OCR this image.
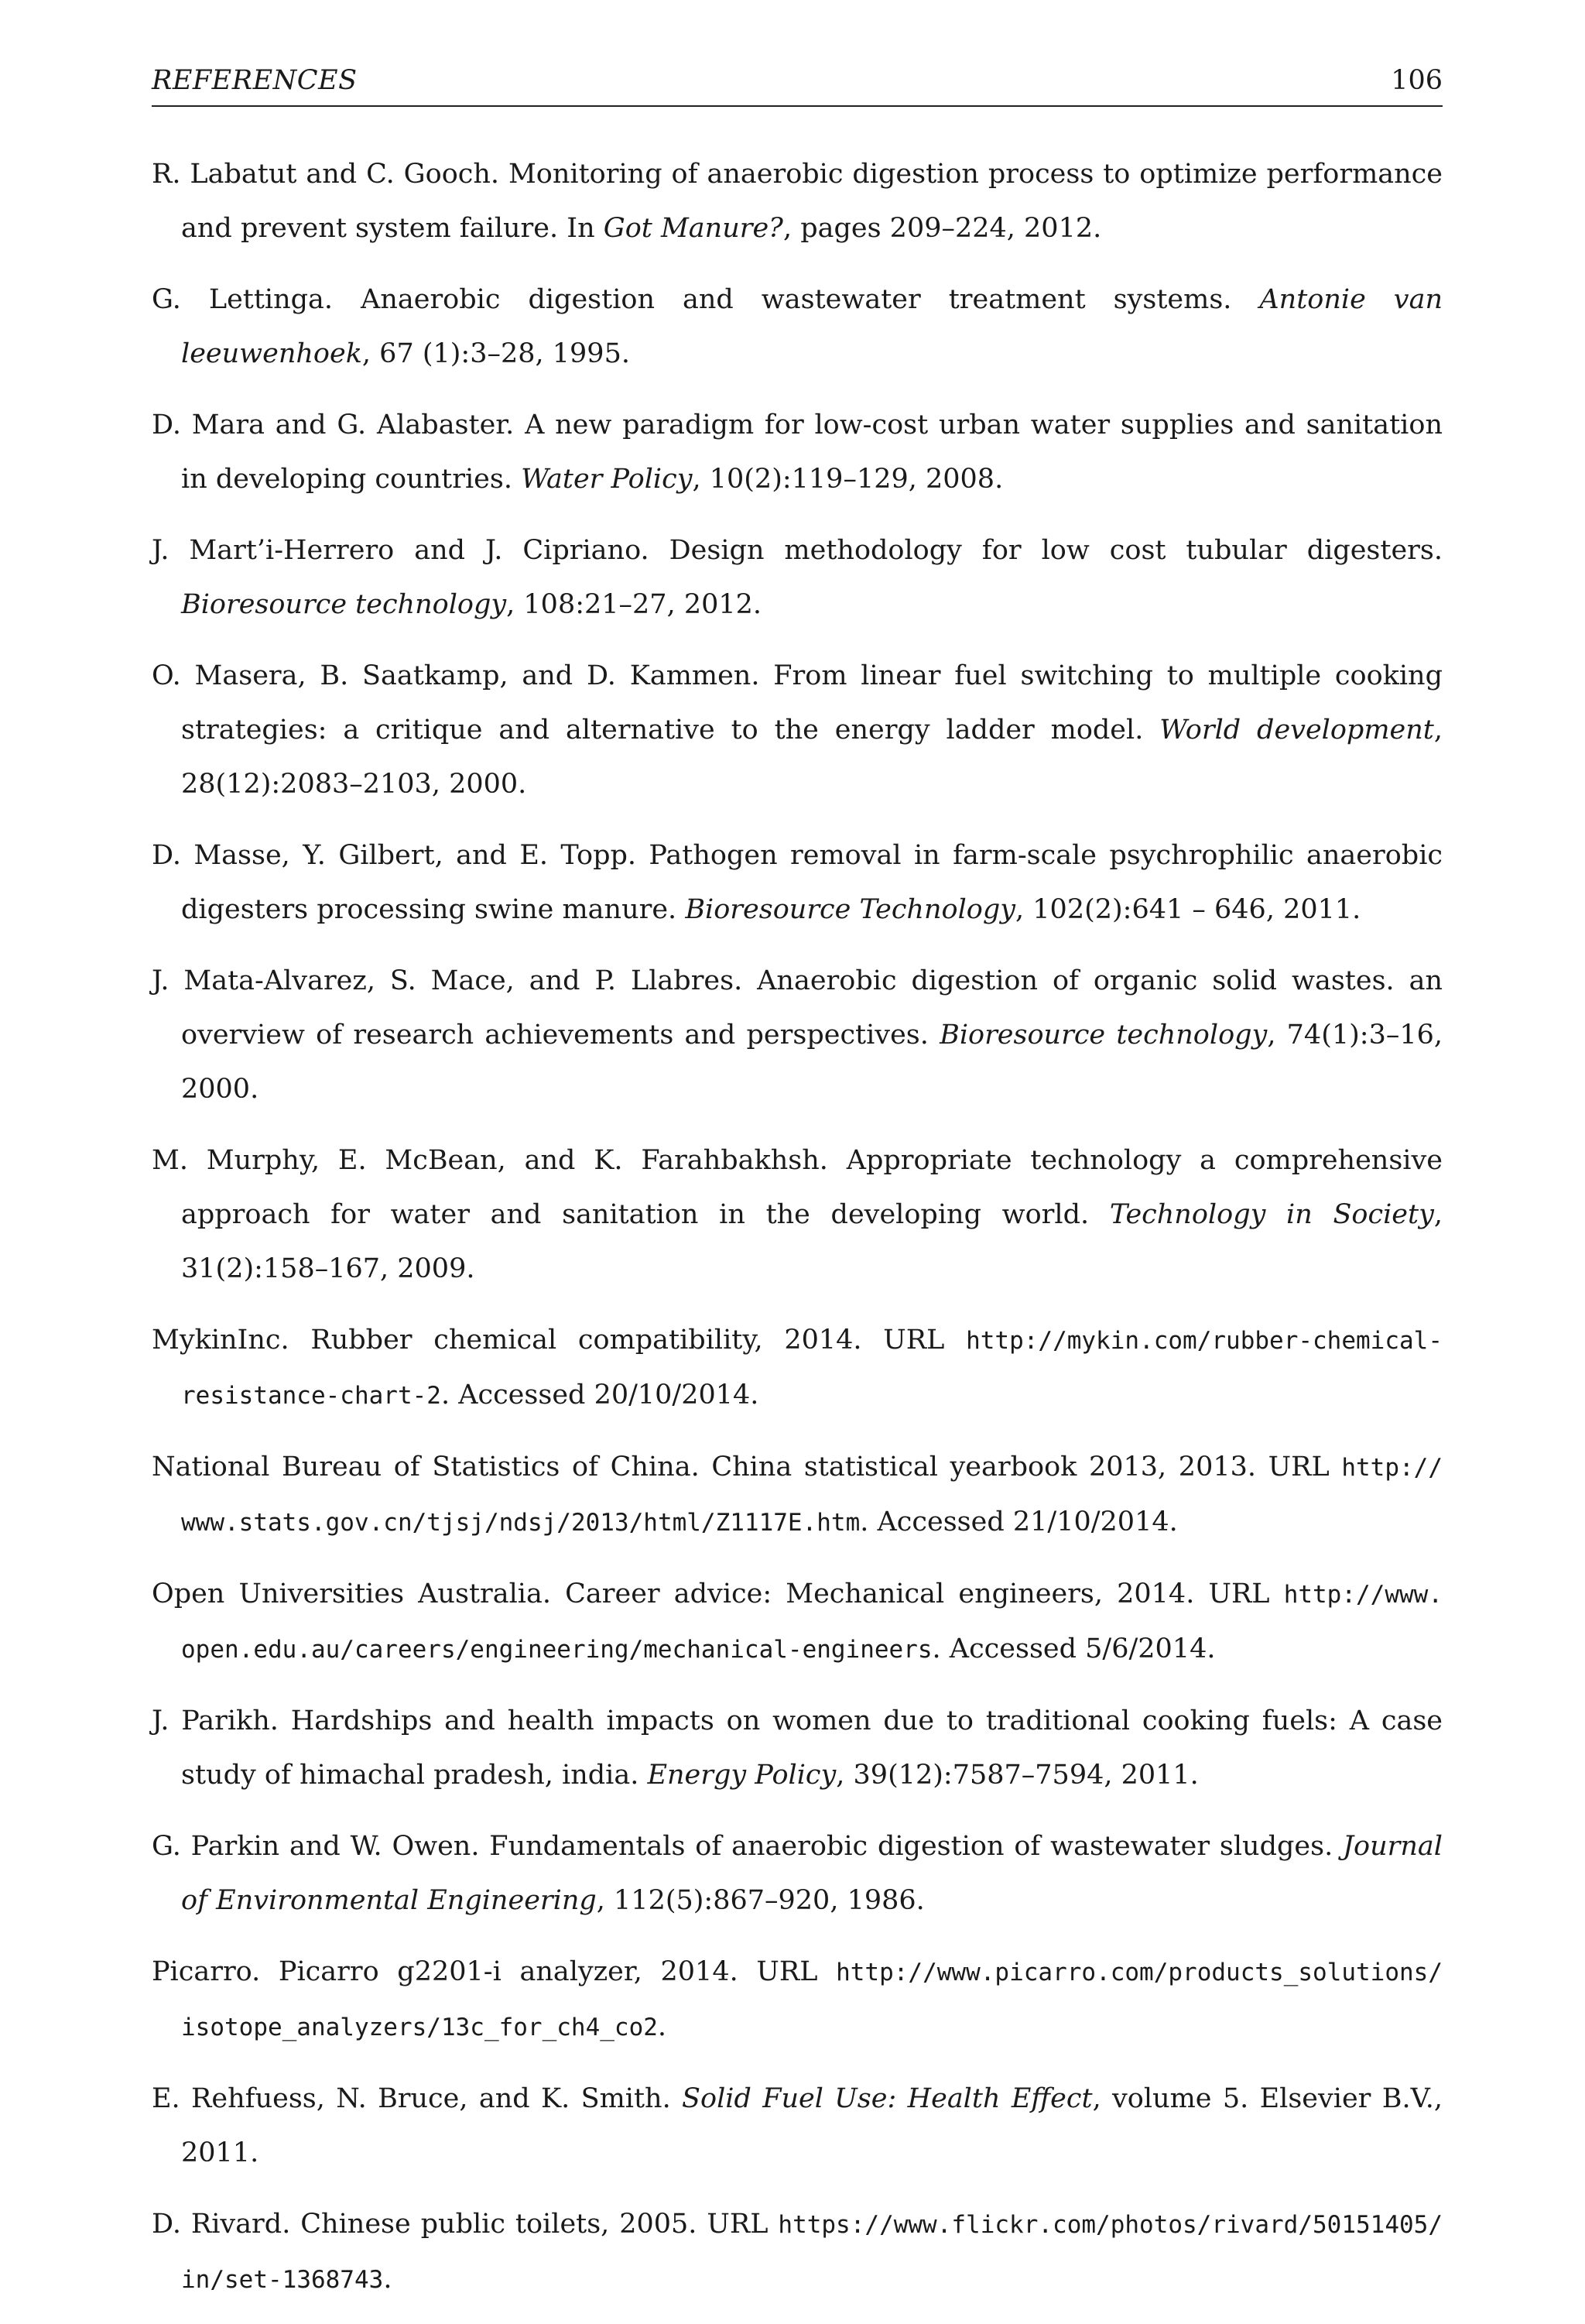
REFERENCES	106

R. Labatut and C. Gooch. Monitoring of anaerobic digestion process to optimize performance and prevent system failure. In Got Manure?, pages 209–224, 2012.

G. Lettinga. Anaerobic digestion and wastewater treatment systems. Antonie van leeuwenhoek, 67 (1):3–28, 1995.

D. Mara and G. Alabaster. A new paradigm for low-cost urban water supplies and sanitation in developing countries. Water Policy, 10(2):119–129, 2008.

J. Mart’i-Herrero and J. Cipriano. Design methodology for low cost tubular digesters. Bioresource technology, 108:21–27, 2012.

O. Masera, B. Saatkamp, and D. Kammen. From linear fuel switching to multiple cooking strategies: a critique and alternative to the energy ladder model. World development, 28(12):2083–2103, 2000.

D. Masse, Y. Gilbert, and E. Topp. Pathogen removal in farm-scale psychrophilic anaerobic digesters processing swine manure. Bioresource Technology, 102(2):641 – 646, 2011.

J. Mata-Alvarez, S. Mace, and P. Llabres. Anaerobic digestion of organic solid wastes. an overview of research achievements and perspectives. Bioresource technology, 74(1):3–16, 2000.

M. Murphy, E. McBean, and K. Farahbakhsh. Appropriate technology a comprehensive approach for water and sanitation in the developing world. Technology in Society, 31(2):158–167, 2009.

MykinInc. Rubber chemical compatibility, 2014. URL http://mykin.com/rubber-chemical-resistance-chart-2. Accessed 20/10/2014.

National Bureau of Statistics of China. China statistical yearbook 2013, 2013. URL http://www.stats.gov.cn/tjsj/ndsj/2013/html/Z1117E.htm. Accessed 21/10/2014.

Open Universities Australia. Career advice: Mechanical engineers, 2014. URL http://www.open.edu.au/careers/engineering/mechanical-engineers. Accessed 5/6/2014.

J. Parikh. Hardships and health impacts on women due to traditional cooking fuels: A case study of himachal pradesh, india. Energy Policy, 39(12):7587–7594, 2011.

G. Parkin and W. Owen. Fundamentals of anaerobic digestion of wastewater sludges. Journal of Environmental Engineering, 112(5):867–920, 1986.

Picarro. Picarro g2201-i analyzer, 2014. URL http://www.picarro.com/products_solutions/isotope_analyzers/13c_for_ch4_co2.

E. Rehfuess, N. Bruce, and K. Smith. Solid Fuel Use: Health Effect, volume 5. Elsevier B.V., 2011.

D. Rivard. Chinese public toilets, 2005. URL https://www.flickr.com/photos/rivard/50151405/in/set-1368743.
